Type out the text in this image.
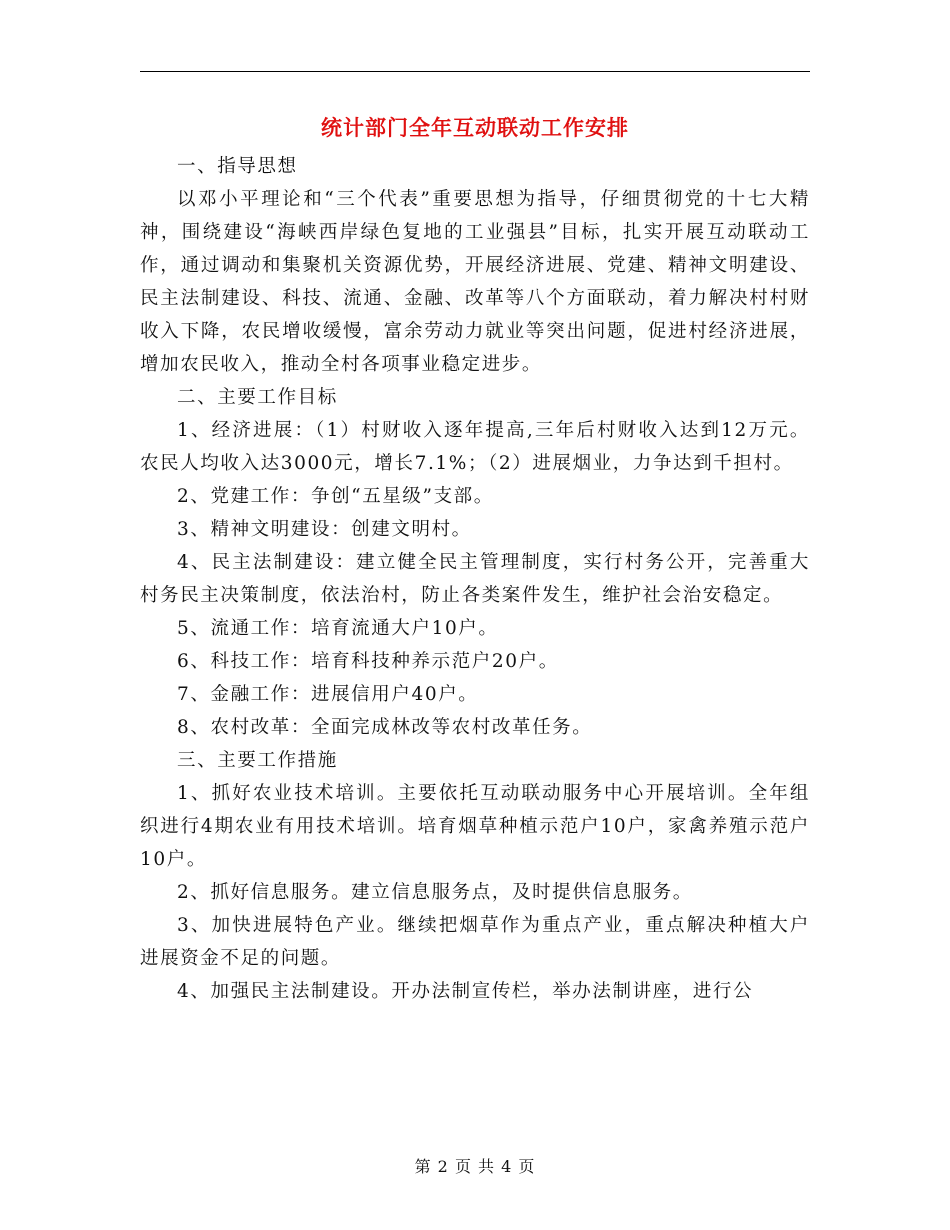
统计部门全年互动联动工作安排

一、指导思想

以邓小平理论和“三个代表”重要思想为指导，仔细贯彻党的十七大精神，围绕建设“海峡西岸绿色复地的工业强县”目标，扎实开展互动联动工作，通过调动和集聚机关资源优势，开展经济进展、党建、精神文明建设、民主法制建设、科技、流通、金融、改革等八个方面联动，着力解决村村财收入下降，农民增收缓慢，富余劳动力就业等突出问题，促进村经济进展，增加农民收入，推动全村各项事业稳定进步。

二、主要工作目标

1、经济进展：（1）村财收入逐年提高,三年后村财收入达到12万元。农民人均收入达3000元，增长7.1%；（2）进展烟业，力争达到千担村。

2、党建工作：争创“五星级”支部。

3、精神文明建设：创建文明村。

4、民主法制建设：建立健全民主管理制度，实行村务公开，完善重大村务民主决策制度，依法治村，防止各类案件发生，维护社会治安稳定。

5、流通工作：培育流通大户10户。

6、科技工作：培育科技种养示范户20户。

7、金融工作：进展信用户40户。

8、农村改革：全面完成林改等农村改革任务。

三、主要工作措施

1、抓好农业技术培训。主要依托互动联动服务中心开展培训。全年组织进行4期农业有用技术培训。培育烟草种植示范户10户，家禽养殖示范户10户。

2、抓好信息服务。建立信息服务点，及时提供信息服务。

3、加快进展特色产业。继续把烟草作为重点产业，重点解决种植大户进展资金不足的问题。

4、加强民主法制建设。开办法制宣传栏，举办法制讲座，进行公

第 2 页 共 4 页
